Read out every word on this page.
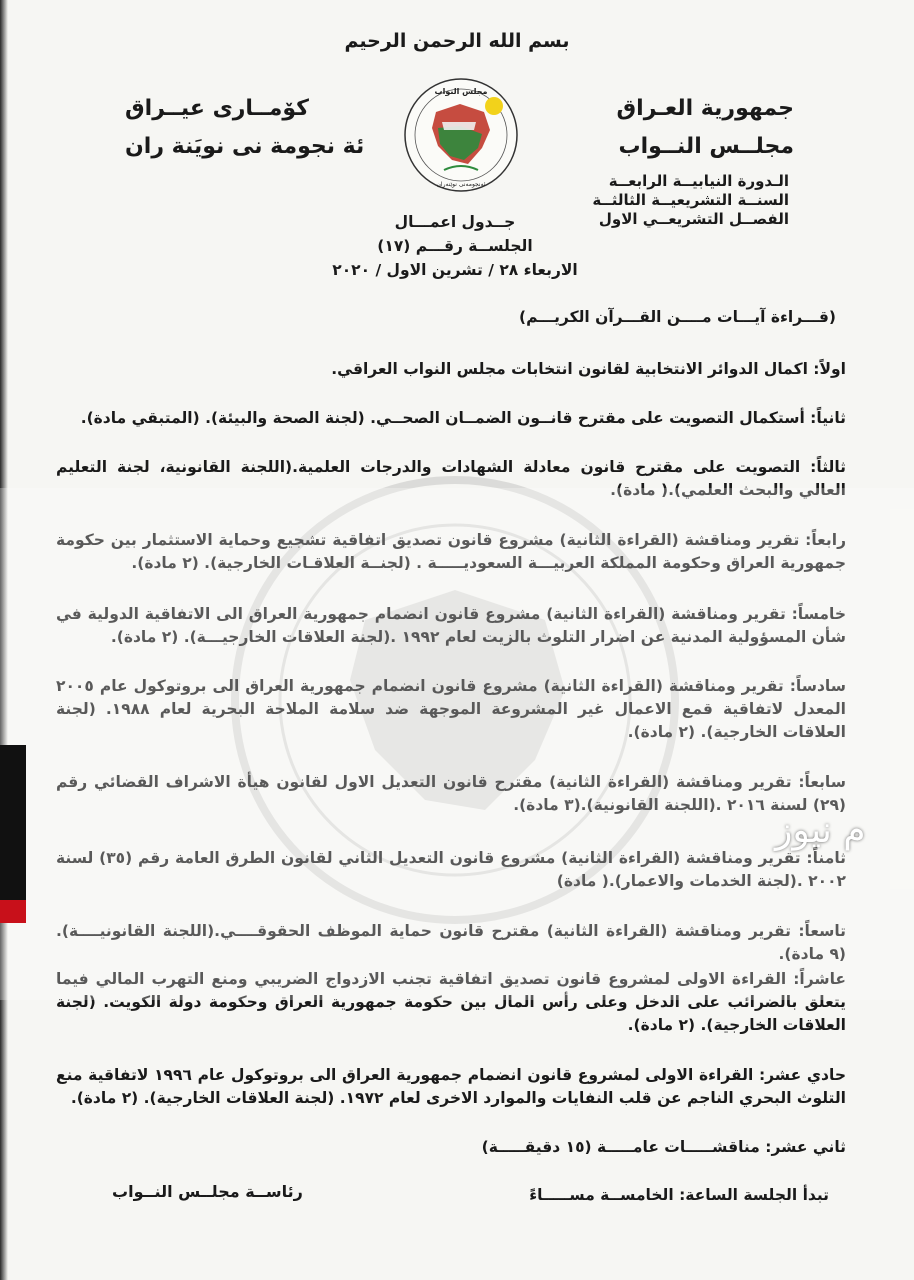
بسم الله الرحمن الرحيم
جمهورية العـراق
مجلــس النــواب
كۆمــارى عيــراق
ئة نجومة نى نويَنة ران
مجلس النواب
ئەنجومەنی نوێنەران	الـدورة النيابيــة الرابعــة
السنــة التشريعيــة الثالثــة
الفصــل التشريعــي الاول
جــدول اعمـــال
الجلســة رقـــم (١٧)
الاربعاء ٢٨ / تشرين الاول / ٢٠٢٠
(قـــراءة آيـــات مــــن القـــرآن الكريـــم)
اولاً: اكمال الدوائر الانتخابية لقانون انتخابات مجلس النواب العراقي.
ثانياً: أستكمال التصويت على مقترح قانــون الضمــان الصحــي. (لجنة الصحة والبيئة). (المتبقي مادة).
ثالثاً: التصويت على مقترح قانون معادلة الشهادات والدرجات العلمية.(اللجنة القانونية، لجنة التعليم العالي والبحث العلمي).( مادة).
رابعاً: تقرير ومناقشة (القراءة الثانية) مشروع قانون تصديق اتفاقية تشجيع وحماية الاستثمار بين حكومة جمهورية العراق وحكومة المملكة العربيـــة السعوديـــــة . (لجنــة العلاقـات الخارجية). (٢ مادة).
خامساً: تقرير ومناقشة (القراءة الثانية) مشروع قانون انضمام جمهورية العراق الى الاتفاقية الدولية في شأن المسؤولية المدنية عن اضرار التلوث بالزيت لعام ١٩٩٢ .(لجنة العلاقات الخارجيـــة). (٢ مادة).
سادساً: تقرير ومناقشة (القراءة الثانية) مشروع قانون انضمام جمهورية العراق الى بروتوكول عام ٢٠٠٥ المعدل لاتفاقية قمع الاعمال غير المشروعة الموجهة ضد سلامة الملاحة البحرية لعام ١٩٨٨. (لجنة العلاقات الخارجية). (٢ مادة).
سابعاً: تقرير ومناقشة (القراءة الثانية) مقترح قانون التعديل الاول لقانون هيأة الاشراف القضائي رقم (٢٩) لسنة ٢٠١٦ .(اللجنة القانونية).(٣ مادة).
ثامناً: تقرير ومناقشة (القراءة الثانية) مشروع قانون التعديل الثاني لقانون الطرق العامة رقم (٣٥) لسنة ٢٠٠٢ .(لجنة الخدمات والاعمار).( مادة)
تاسعاً: تقرير ومناقشة (القراءة الثانية) مقترح قانون حماية الموظف الحقوقــــي.(اللجنة القانونيــــة). (٩ مادة).
عاشراً: القراءة الاولى لمشروع قانون تصديق اتفاقية تجنب الازدواج الضريبي ومنع التهرب المالي فيما يتعلق بالضرائب على الدخل وعلى رأس المال بين حكومة جمهورية العراق وحكومة دولة الكويت. (لجنة العلاقات الخارجية). (٢ مادة).
حادي عشر: القراءة الاولى لمشروع قانون انضمام جمهورية العراق الى بروتوكول عام ١٩٩٦ لاتفاقية منع التلوث البحري الناجم عن قلب النفايات والموارد الاخرى لعام ١٩٧٢. (لجنة العلاقات الخارجية). (٢ مادة).
ثاني عشر: مناقشـــــات عامـــــة (١٥ دقيقـــــة)
م نيوز
تبدأ الجلسة الساعة: الخامســة مســـــاءً
رئاســة مجلــس النــواب
